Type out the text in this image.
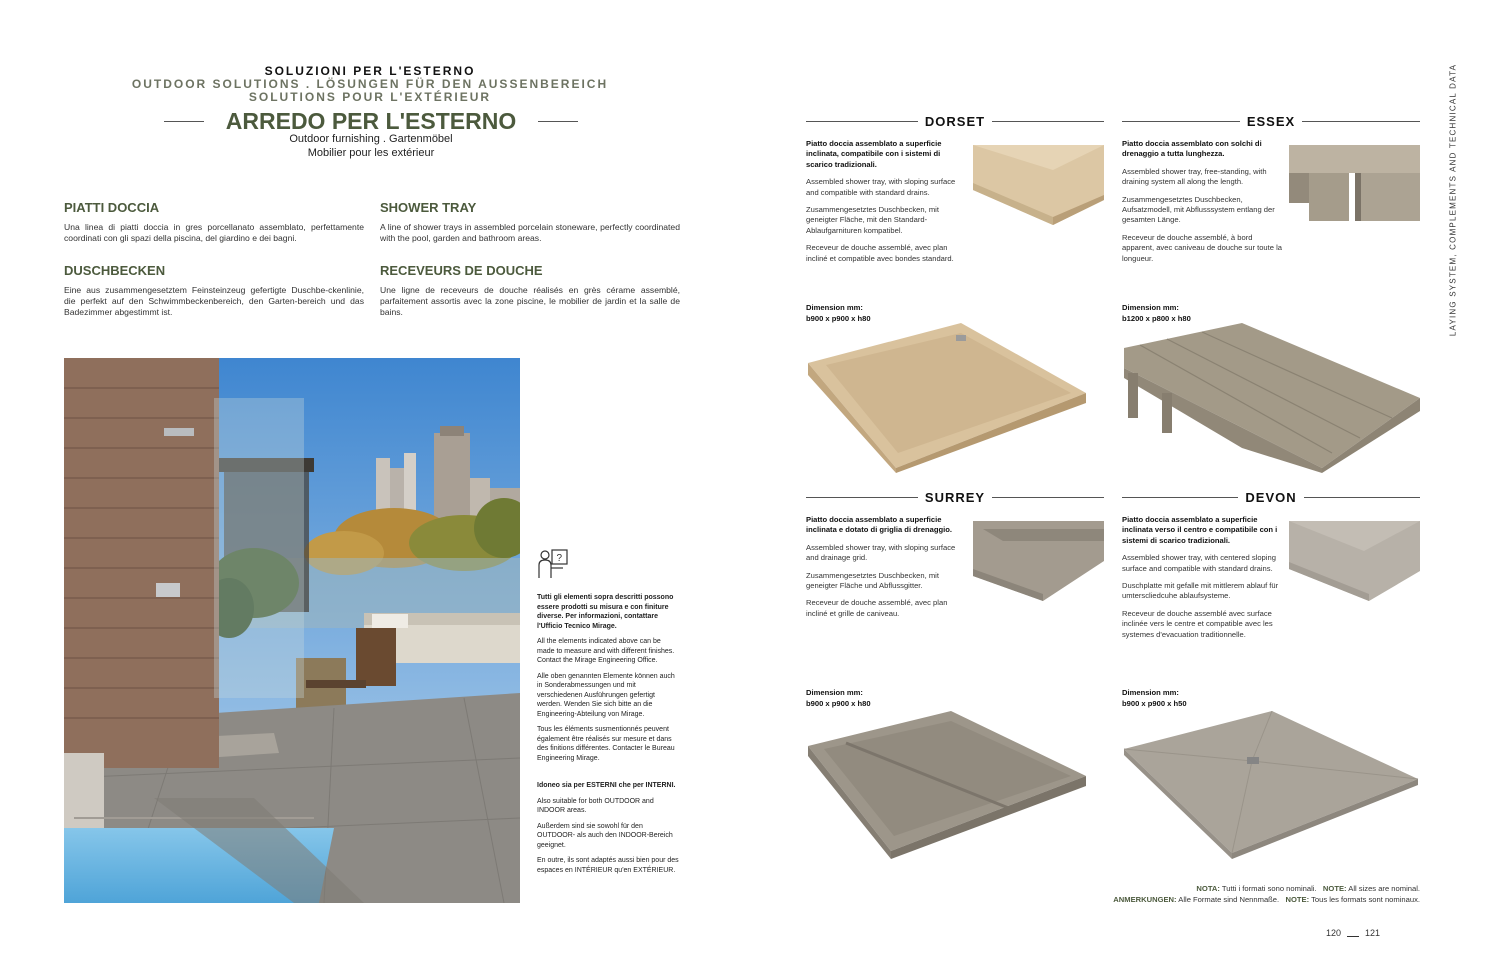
SOLUZIONI PER L'ESTERNO
OUTDOOR SOLUTIONS . LÖSUNGEN FÜR DEN AUSSENBEREICH
SOLUTIONS POUR L'EXTÉRIEUR
ARREDO PER L'ESTERNO
Outdoor furnishing . Gartenmöbel
Mobilier pour les extérieur
PIATTI DOCCIA
Una linea di piatti doccia in gres porcellanato assemblato, perfettamente coordinati con gli spazi della piscina, del giardino e dei bagni.
SHOWER TRAY
A line of shower trays in assembled porcelain stoneware, perfectly coordinated with the pool, garden and bathroom areas.
DUSCHBECKEN
Eine aus zusammengesetztem Feinsteinzeug gefertigte Duschbe-ckenlinie, die perfekt auf den Schwimmbeckenbereich, den Garten-bereich und das Badezimmer abgestimmt ist.
RECEVEURS DE DOUCHE
Une ligne de receveurs de douche réalisés en grès cérame assemblé, parfaitement assortis avec la zone piscine, le mobilier de jardin et la salle de bains.
?

Tutti gli elementi sopra descritti possono essere prodotti su misura e con finiture diverse. Per informazioni, contattare l'Ufficio Tecnico Mirage.

All the elements indicated above can be made to measure and with different finishes. Contact the Mirage Engineering Office.

Alle oben genannten Elemente können auch in Sonderabmessungen und mit verschiedenen Ausführungen gefertigt werden. Wenden Sie sich bitte an die Engineering-Abteilung von Mirage.

Tous les éléments susmentionnés peuvent également être réalisés sur mesure et dans des finitions différentes. Contacter le Bureau Engineering Mirage.

Idoneo sia per ESTERNI che per INTERNI.

Also suitable for both OUTDOOR and INDOOR areas.

Außerdem sind sie sowohl für den OUTDOOR- als auch den INDOOR-Bereich geeignet.

En outre, ils sont adaptés aussi bien pour des espaces en INTÉRIEUR qu'en EXTÉRIEUR.

LAYING SYSTEM, COMPLEMENTS AND TECHNICAL DATA
DORSET

Piatto doccia assemblato a superficie inclinata, compatibile con i sistemi di scarico tradizionali.

Assembled shower tray, with sloping surface and compatible with standard drains.

Zusammengesetztes Duschbecken, mit geneigter Fläche, mit den Standard-Ablaufgarnituren kompatibel.

Receveur de douche assemblé, avec plan incliné et compatible avec bondes standard.

Dimension mm:
b900 x p900 x h80
ESSEX

Piatto doccia assemblato con solchi di drenaggio a tutta lunghezza.

Assembled shower tray, free-standing, with draining system all along the length.

Zusammengesetztes Duschbecken, Aufsatzmodell, mit Abflusssystem entlang der gesamten Länge.

Receveur de douche assemblé, à bord apparent, avec caniveau de douche sur toute la longueur.

Dimension mm:
b1200 x p800 x h80
SURREY

Piatto doccia assemblato a superficie inclinata e dotato di griglia di drenaggio.

Assembled shower tray, with sloping surface and drainage grid.

Zusammengesetztes Duschbecken, mit geneigter Fläche und Abflussgitter.

Receveur de douche assemblé, avec plan incliné et grille de caniveau.

Dimension mm:
b900 x p900 x h80
DEVON

Piatto doccia assemblato a superficie inclinata verso il centro e compatibile con i sistemi di scarico tradizionali.

Assembled shower tray, with centered sloping surface and compatible with standard drains.

Duschplatte mit gefalle mit mittlerem ablauf für umterscliedcuhe ablaufsysteme.

Receveur de douche assemblé avec surface inclinée vers le centre et compatible avec les systemes d'evacuation traditionnelle.

Dimension mm:
b900 x p900 x h50
NOTA: Tutti i formati sono nominali. NOTE: All sizes are nominal.
ANMERKUNGEN: Alle Formate sind Nennmaße. NOTE: Tous les formats sont nominaux.
120	121
